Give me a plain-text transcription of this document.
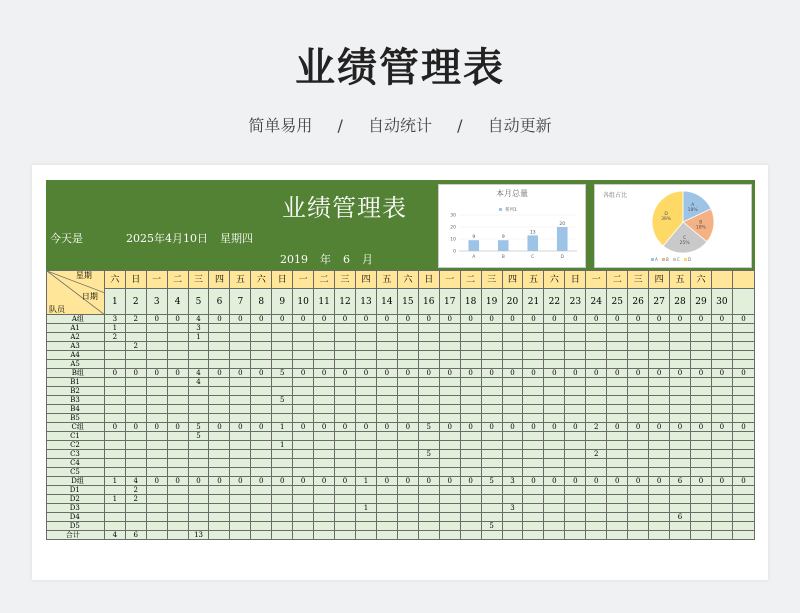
业绩管理表
简单易用 / 自动统计 / 自动更新
业绩管理表
今天是	2025年4月10日 星期四
2019 年 6 月
本月总量
系列1
0
10
20
30
9
A
9
B
13
C
20
D
各组占比
A 18%
B 18%
C 25%
D 39%
A B C D
星期
日期
队员	六	日	一	二	三	四	五	六	日	一	二	三	四	五	六	日	一	二	三	四	五	六	日	一	二	三	四	五	六		
	1	2	3	4	5	6	7	8	9	10	11	12	13	14	15	16	17	18	19	20	21	22	23	24	25	26	27	28	29	30	
A组	3	2	0	0	4	0	0	0	0	0	0	0	0	0	0	0	0	0	0	0	0	0	0	0	0	0	0	0	0	0	0
A1	1				3																										
A2	2				1																										
A3		2																													
A4																															
A5																															
B组	0	0	0	0	4	0	0	0	5	0	0	0	0	0	0	0	0	0	0	0	0	0	0	0	0	0	0	0	0	0	0
B1					4																										
B2																															
B3									5																						
B4																															
B5																															
C组	0	0	0	0	5	0	0	0	1	0	0	0	0	0	0	5	0	0	0	0	0	0	0	2	0	0	0	0	0	0	0
C1					5																										
C2									1																						
C3																5								2							
C4																															
C5																															
D组	1	4	0	0	0	0	0	0	0	0	0	0	1	0	0	0	0	0	5	3	0	0	0	0	0	0	0	6	0	0	0
D1		2																													
D2	1	2																													
D3													1							3											
D4																												6			
D5																			5												
合计	4	6			13																										
